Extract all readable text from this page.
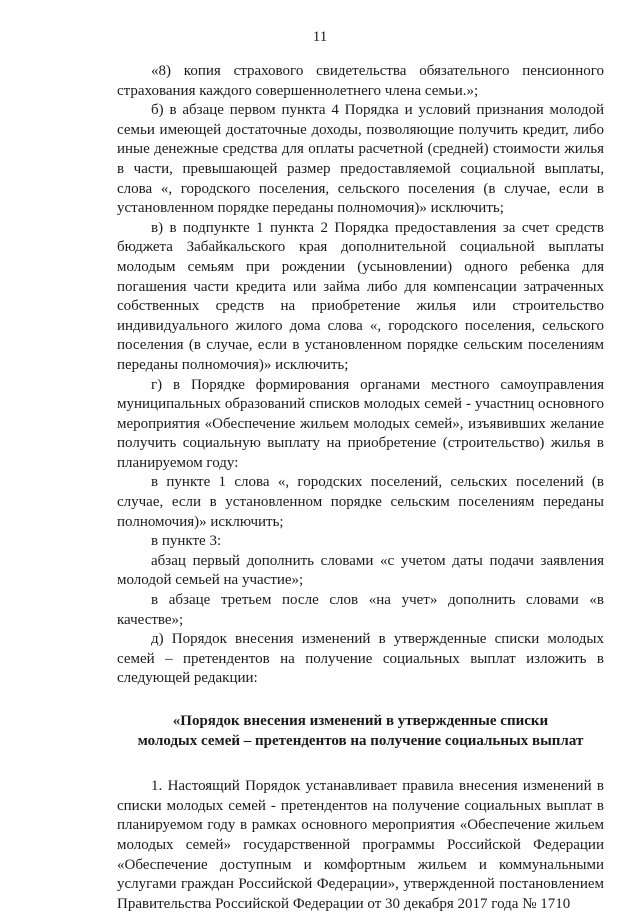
11

«8) копия страхового свидетельства обязательного пенсионного страхования каждого совершеннолетнего члена семьи.»;

б) в абзаце первом пункта 4 Порядка и условий признания молодой семьи имеющей достаточные доходы, позволяющие получить кредит, либо иные денежные средства для оплаты расчетной (средней) стоимости жилья в части, превышающей размер предоставляемой социальной выплаты, слова «, городского поселения, сельского поселения (в случае, если в установленном порядке переданы полномочия)» исключить;

в) в подпункте 1 пункта 2 Порядка предоставления за счет средств бюджета Забайкальского края дополнительной социальной выплаты молодым семьям при рождении (усыновлении) одного ребенка для погашения части кредита или займа либо для компенсации затраченных собственных средств на приобретение жилья или строительство индивидуального жилого дома слова «, городского поселения, сельского поселения (в случае, если в установленном порядке сельским поселениям переданы полномочия)» исключить;

г) в Порядке формирования органами местного самоуправления муниципальных образований списков молодых семей - участниц основного мероприятия «Обеспечение жильем молодых семей», изъявивших желание получить социальную выплату на приобретение (строительство) жилья в планируемом году:

в пункте 1 слова «, городских поселений, сельских поселений (в случае, если в установленном порядке сельским поселениям переданы полномочия)» исключить;

в пункте 3:

абзац первый дополнить словами «с учетом даты подачи заявления молодой семьей на участие»;

в абзаце третьем после слов «на учет» дополнить словами «в качестве»;

д) Порядок внесения изменений в утвержденные списки молодых семей – претендентов на получение социальных выплат изложить в следующей редакции:

«Порядок внесения изменений в утвержденные списки
молодых семей – претендентов на получение социальных выплат

1. Настоящий Порядок устанавливает правила внесения изменений в списки молодых семей - претендентов на получение социальных выплат в планируемом году в рамках основного мероприятия «Обеспечение жильем молодых семей» государственной программы Российской Федерации «Обеспечение доступным и комфортным жильем и коммунальными услугами граждан Российской Федерации», утвержденной постановлением Правительства Российской Федерации от 30 декабря 2017 года № 1710
